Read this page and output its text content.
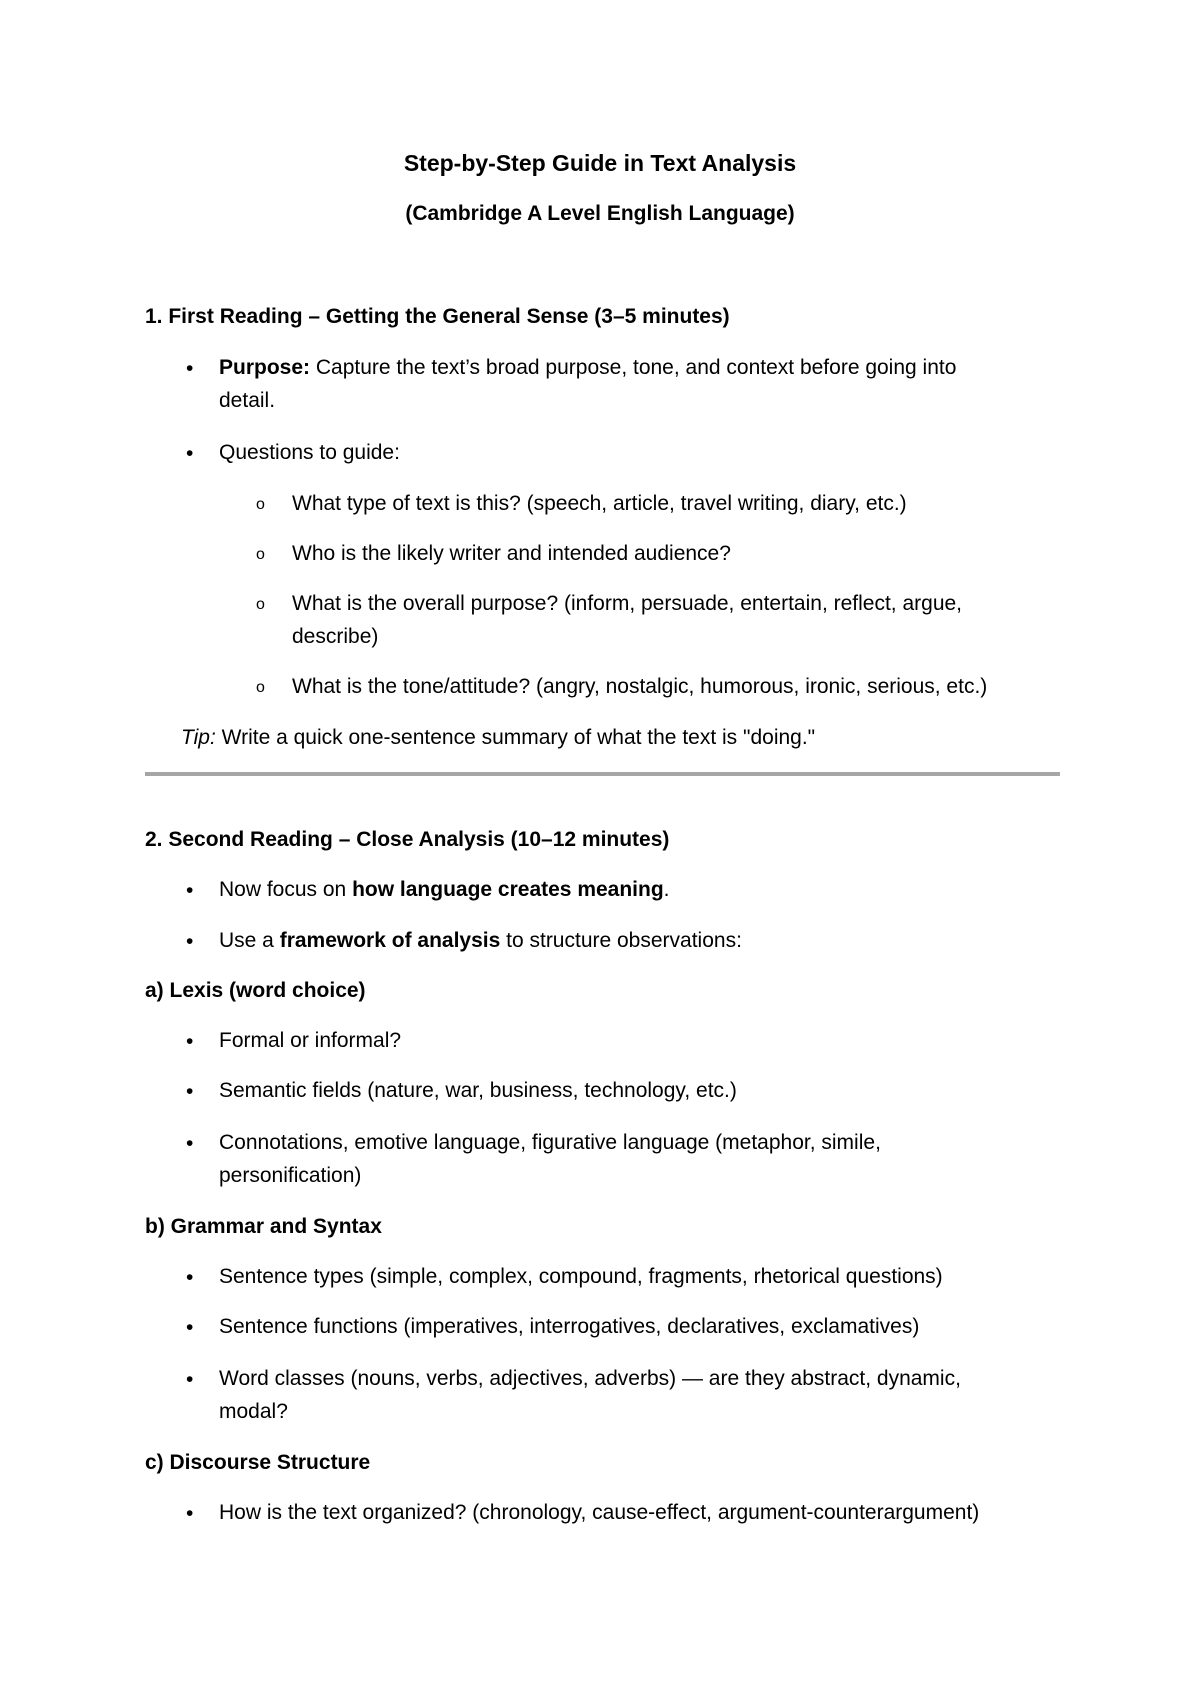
Step-by-Step Guide in Text Analysis
(Cambridge A Level English Language)
1. First Reading – Getting the General Sense (3–5 minutes)
• Purpose: Capture the text’s broad purpose, tone, and context before going into
detail.
• Questions to guide:
o What type of text is this? (speech, article, travel writing, diary, etc.)
o Who is the likely writer and intended audience?
o What is the overall purpose? (inform, persuade, entertain, reflect, argue,
describe)
o What is the tone/attitude? (angry, nostalgic, humorous, ironic, serious, etc.)
Tip: Write a quick one-sentence summary of what the text is "doing."
2. Second Reading – Close Analysis (10–12 minutes)
• Now focus on how language creates meaning.
• Use a framework of analysis to structure observations:
a) Lexis (word choice)
• Formal or informal?
• Semantic fields (nature, war, business, technology, etc.)
• Connotations, emotive language, figurative language (metaphor, simile,
personification)
b) Grammar and Syntax
• Sentence types (simple, complex, compound, fragments, rhetorical questions)
• Sentence functions (imperatives, interrogatives, declaratives, exclamatives)
• Word classes (nouns, verbs, adjectives, adverbs) — are they abstract, dynamic,
modal?
c) Discourse Structure
• How is the text organized? (chronology, cause-effect, argument-counterargument)
